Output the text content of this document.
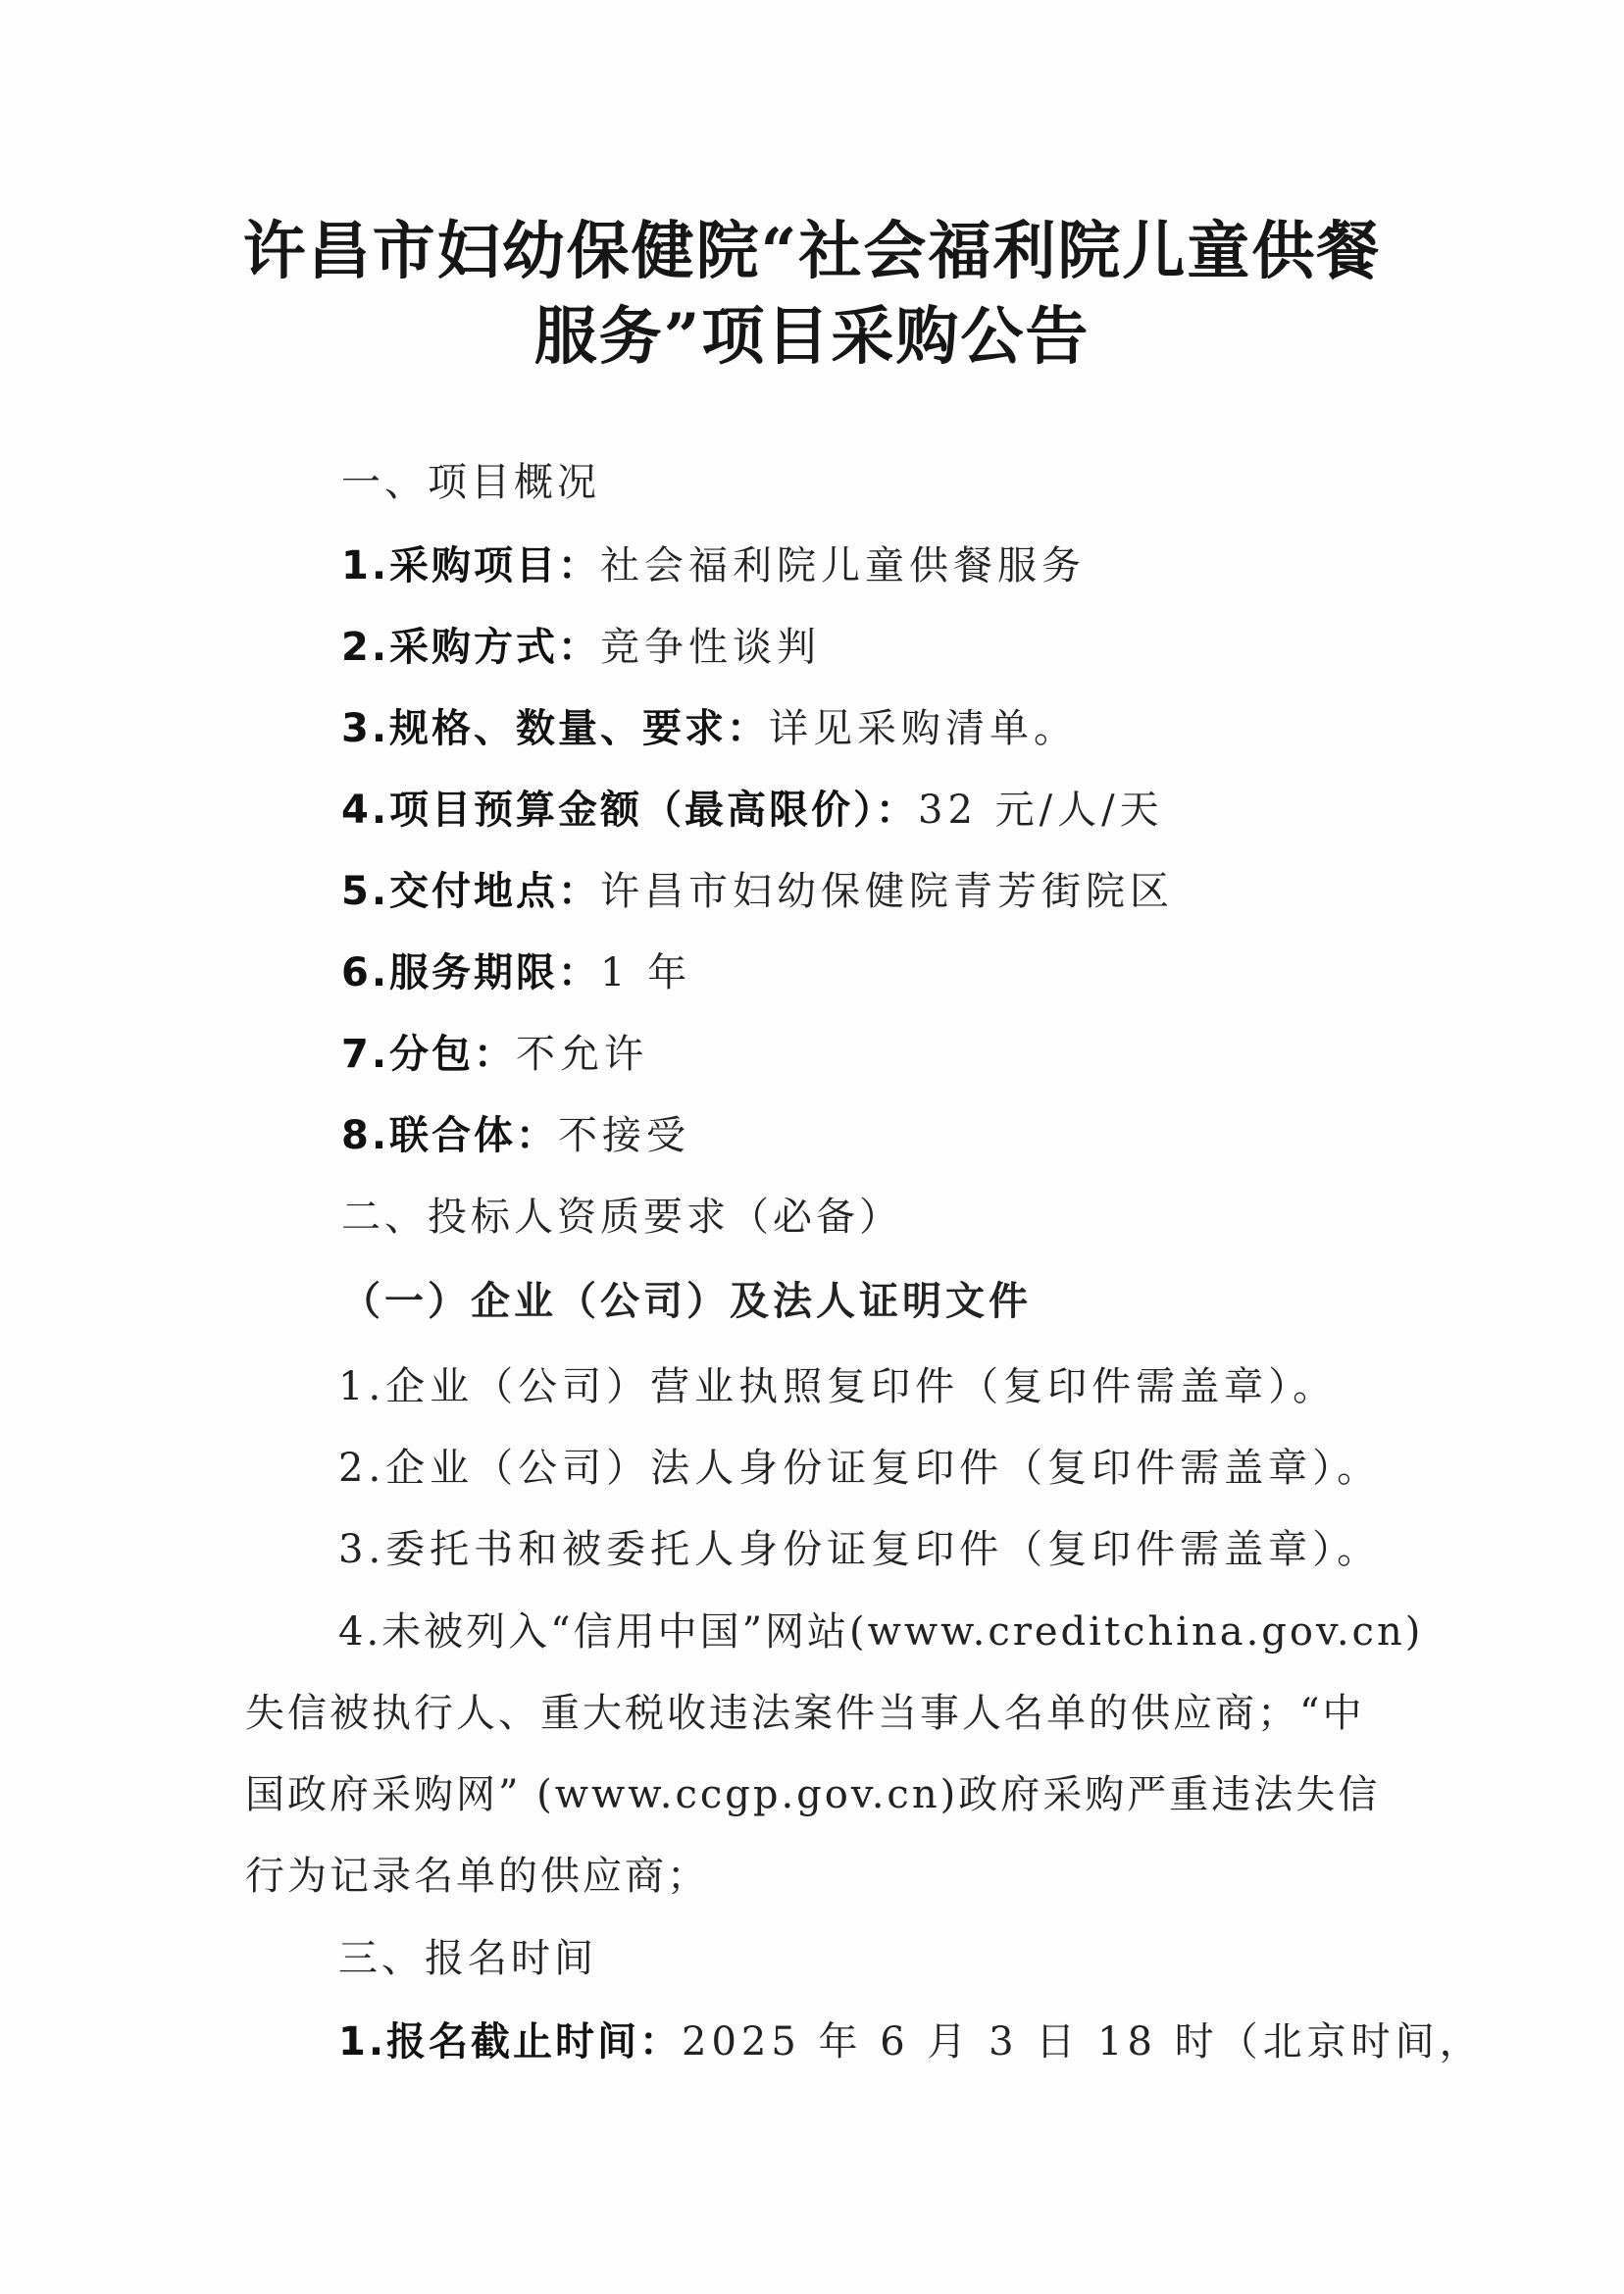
许昌市妇幼保健院“社会福利院儿童供餐
服务”项目采购公告
一、项目概况
1.采购项目：社会福利院儿童供餐服务
2.采购方式：竞争性谈判
3.规格、数量、要求：详见采购清单。
4.项目预算金额（最高限价）：32 元/人/天
5.交付地点：许昌市妇幼保健院青芳街院区
6.服务期限：1 年
7.分包：不允许
8.联合体：不接受
二、投标人资质要求（必备）
（一）企业（公司）及法人证明文件
1.企业（公司）营业执照复印件（复印件需盖章）。
2.企业（公司）法人身份证复印件（复印件需盖章）。
3.委托书和被委托人身份证复印件（复印件需盖章）。
4.未被列入“信用中国”网站(www.creditchina.gov.cn)
失信被执行人、重大税收违法案件当事人名单的供应商；“中
国政府采购网” (www.ccgp.gov.cn)政府采购严重违法失信
行为记录名单的供应商；
三、报名时间
1.报名截止时间：2025 年 6 月 3 日 18 时（北京时间，
